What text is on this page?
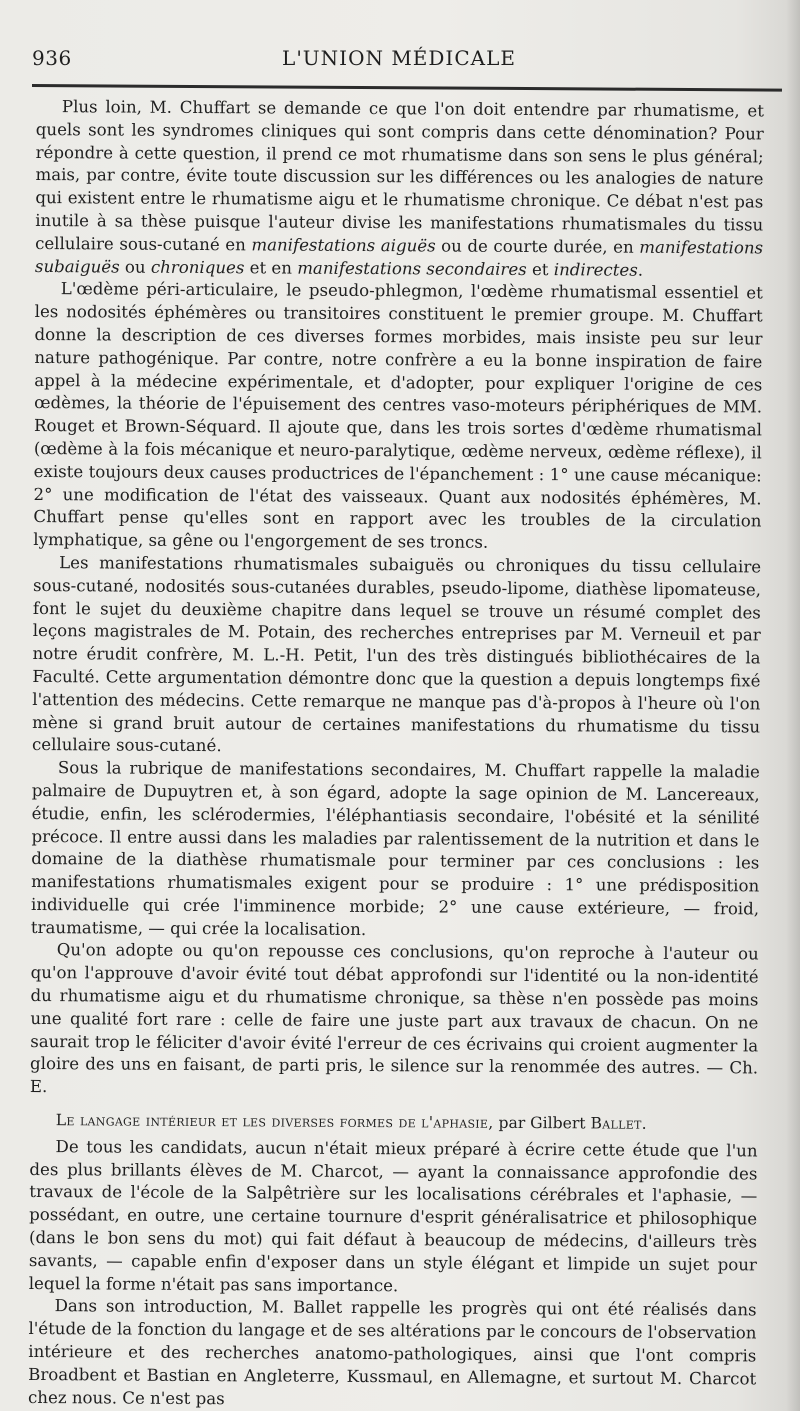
936	L'UNION MÉDICALE

Plus loin, M. Chuffart se demande ce que l'on doit entendre par rhumatisme, et quels sont les syndromes cliniques qui sont compris dans cette dénomination? Pour répondre à cette question, il prend ce mot rhumatisme dans son sens le plus général; mais, par contre, évite toute discussion sur les différences ou les analogies de nature qui existent entre le rhumatisme aigu et le rhumatisme chronique. Ce débat n'est pas inutile à sa thèse puisque l'auteur divise les manifestations rhumatismales du tissu cellulaire sous-cutané en manifestations aiguës ou de courte durée, en manifestations subaiguës ou chroniques et en manifestations secondaires et indirectes.

L'œdème péri-articulaire, le pseudo-phlegmon, l'œdème rhumatismal essentiel et les nodosités éphémères ou transitoires constituent le premier groupe. M. Chuffart donne la description de ces diverses formes morbides, mais insiste peu sur leur nature pathogénique. Par contre, notre confrère a eu la bonne inspiration de faire appel à la médecine expérimentale, et d'adopter, pour expliquer l'origine de ces œdèmes, la théorie de l'épuisement des centres vaso-moteurs périphériques de MM. Rouget et Brown-Séquard. Il ajoute que, dans les trois sortes d'œdème rhumatismal (œdème à la fois mécanique et neuro-paralytique, œdème nerveux, œdème réflexe), il existe toujours deux causes productrices de l'épanchement : 1° une cause mécanique: 2° une modification de l'état des vaisseaux. Quant aux nodosités éphémères, M. Chuffart pense qu'elles sont en rapport avec les troubles de la circulation lymphatique, sa gêne ou l'engorgement de ses troncs.

Les manifestations rhumatismales subaiguës ou chroniques du tissu cellulaire sous-cutané, nodosités sous-cutanées durables, pseudo-lipome, diathèse lipomateuse, font le sujet du deuxième chapitre dans lequel se trouve un résumé complet des leçons magistrales de M. Potain, des recherches entreprises par M. Verneuil et par notre érudit confrère, M. L.-H. Petit, l'un des très distingués bibliothécaires de la Faculté. Cette argumentation démontre donc que la question a depuis longtemps fixé l'attention des médecins. Cette remarque ne manque pas d'à-propos à l'heure où l'on mène si grand bruit autour de certaines manifestations du rhumatisme du tissu cellulaire sous-cutané.

Sous la rubrique de manifestations secondaires, M. Chuffart rappelle la maladie palmaire de Dupuytren et, à son égard, adopte la sage opinion de M. Lancereaux, étudie, enfin, les sclérodermies, l'éléphantiasis secondaire, l'obésité et la sénilité précoce. Il entre aussi dans les maladies par ralentissement de la nutrition et dans le domaine de la diathèse rhumatismale pour terminer par ces conclusions : les manifestations rhumatismales exigent pour se produire : 1° une prédisposition individuelle qui crée l'imminence morbide; 2° une cause extérieure, — froid, traumatisme, — qui crée la localisation.

Qu'on adopte ou qu'on repousse ces conclusions, qu'on reproche à l'auteur ou qu'on l'approuve d'avoir évité tout débat approfondi sur l'identité ou la non-identité du rhumatisme aigu et du rhumatisme chronique, sa thèse n'en possède pas moins une qualité fort rare : celle de faire une juste part aux travaux de chacun. On ne saurait trop le féliciter d'avoir évité l'erreur de ces écrivains qui croient augmenter la gloire des uns en faisant, de parti pris, le silence sur la renommée des autres. — Ch. E.

Le langage intérieur et les diverses formes de l'aphasie, par Gilbert Ballet.

De tous les candidats, aucun n'était mieux préparé à écrire cette étude que l'un des plus brillants élèves de M. Charcot, — ayant la connaissance approfondie des travaux de l'école de la Salpêtrière sur les localisations cérébrales et l'aphasie, — possédant, en outre, une certaine tournure d'esprit généralisatrice et philosophique (dans le bon sens du mot) qui fait défaut à beaucoup de médecins, d'ailleurs très savants, — capable enfin d'exposer dans un style élégant et limpide un sujet pour lequel la forme n'était pas sans importance.

Dans son introduction, M. Ballet rappelle les progrès qui ont été réalisés dans l'étude de la fonction du langage et de ses altérations par le concours de l'observation intérieure et des recherches anatomo-pathologiques, ainsi que l'ont compris Broadbent et Bastian en Angleterre, Kussmaul, en Allemagne, et surtout M. Charcot chez nous. Ce n'est pas
